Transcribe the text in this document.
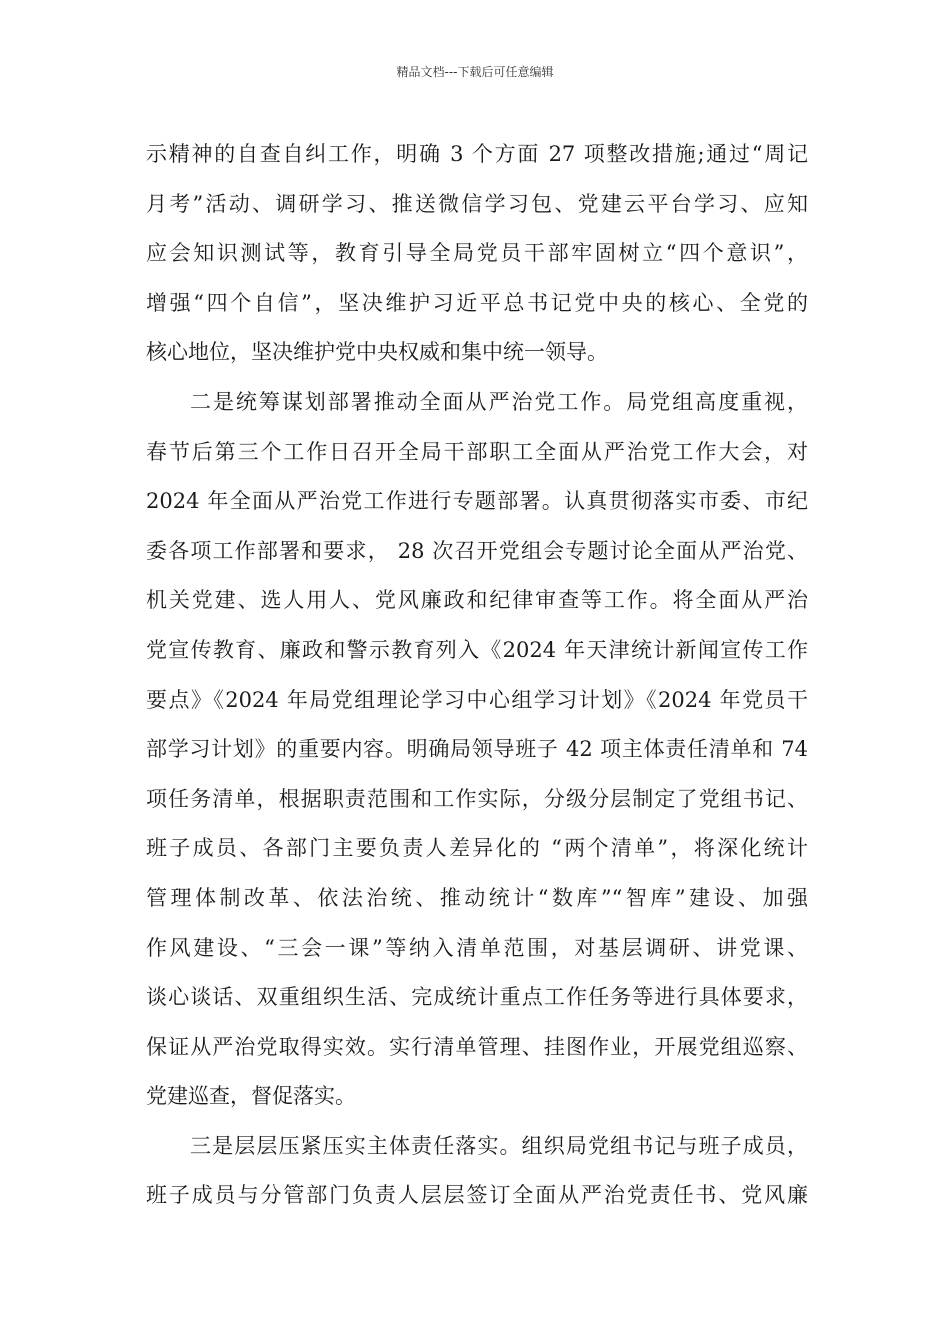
精品文档---下载后可任意编辑
示精神的自查自纠工作，明确 3 个方面 27 项整改措施;通过“周记
月考”活动、调研学习、推送微信学习包、党建云平台学习、应知
应会知识测试等，教育引导全局党员干部牢固树立“四个意识”，
增强“四个自信”，坚决维护习近平总书记党中央的核心、全党的
核心地位，坚决维护党中央权威和集中统一领导。
二是统筹谋划部署推动全面从严治党工作。局党组高度重视，
春节后第三个工作日召开全局干部职工全面从严治党工作大会，对
2024 年全面从严治党工作进行专题部署。认真贯彻落实市委、市纪
委各项工作部署和要求， 28 次召开党组会专题讨论全面从严治党、
机关党建、选人用人、党风廉政和纪律审查等工作。将全面从严治
党宣传教育、廉政和警示教育列入《2024 年天津统计新闻宣传工作
要点》《2024 年局党组理论学习中心组学习计划》《2024 年党员干
部学习计划》的重要内容。明确局领导班子 42 项主体责任清单和 74
项任务清单，根据职责范围和工作实际，分级分层制定了党组书记、
班子成员、各部门主要负责人差异化的 “两个清单”，将深化统计
管理体制改革、依法治统、推动统计“数库”“智库”建设、加强
作风建设、“三会一课”等纳入清单范围，对基层调研、讲党课、
谈心谈话、双重组织生活、完成统计重点工作任务等进行具体要求，
保证从严治党取得实效。实行清单管理、挂图作业，开展党组巡察、
党建巡查，督促落实。
三是层层压紧压实主体责任落实。组织局党组书记与班子成员，
班子成员与分管部门负责人层层签订全面从严治党责任书、党风廉
